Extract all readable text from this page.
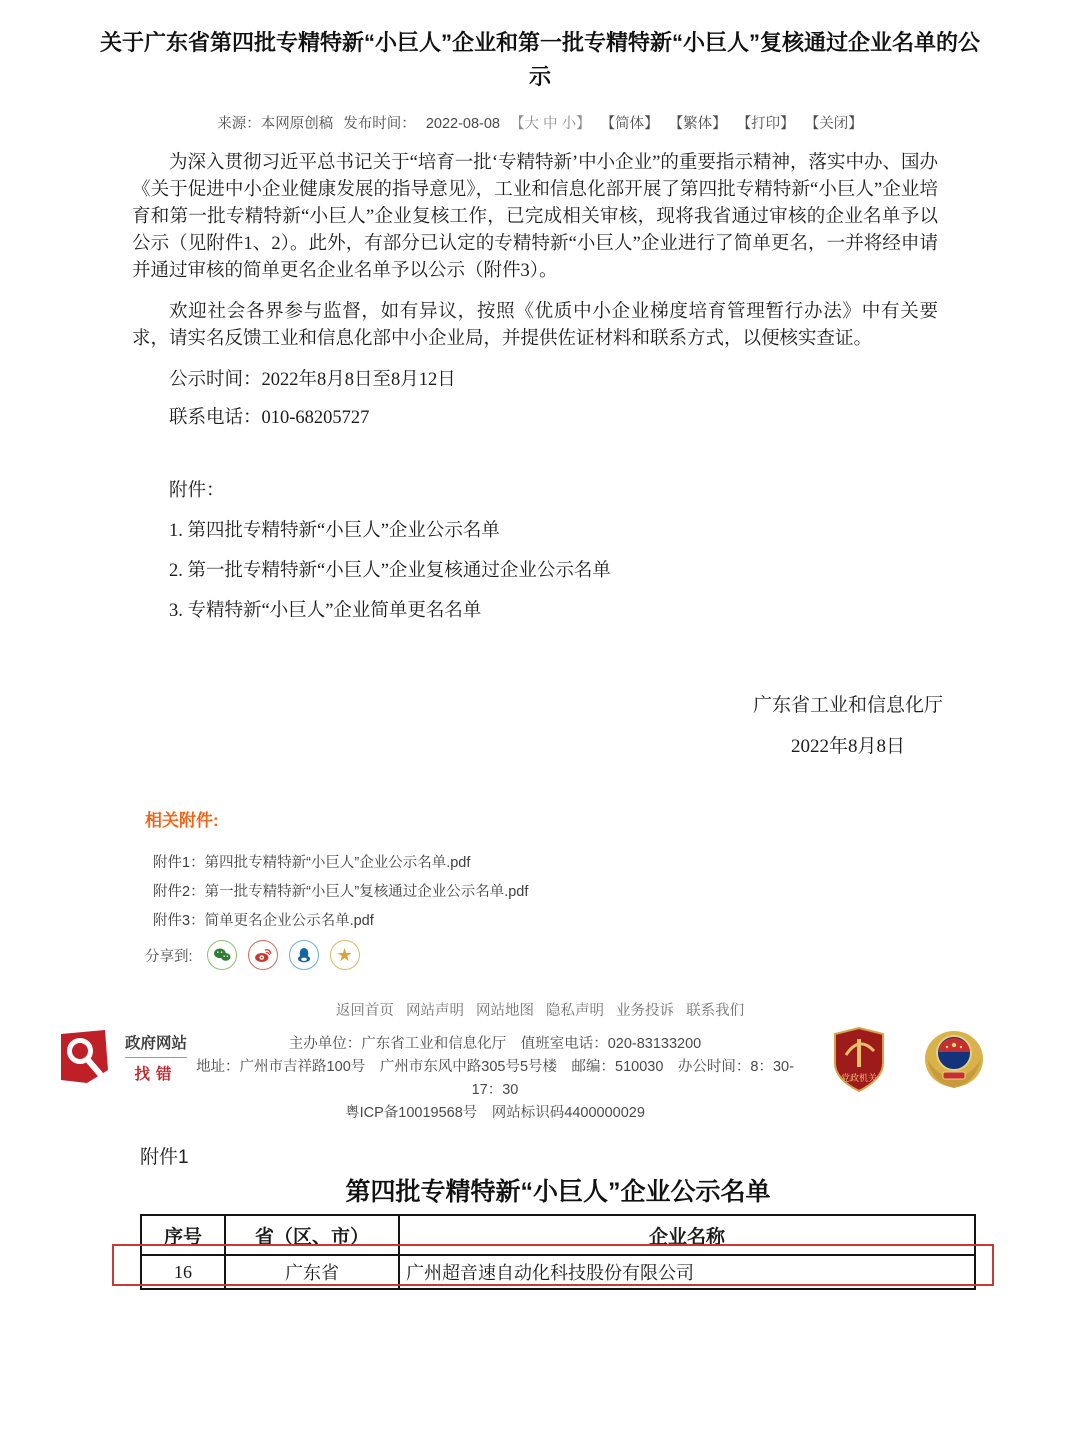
关于广东省第四批专精特新“小巨人”企业和第一批专精特新“小巨人”复核通过企业名单的公示
来源：本网原创稿 发布时间： 2022-08-08 【大 中 小】 【简体】 【繁体】 【打印】 【关闭】

为深入贯彻习近平总书记关于“培育一批‘专精特新’中小企业”的重要指示精神，落实中办、国办《关于促进中小企业健康发展的指导意见》，工业和信息化部开展了第四批专精特新“小巨人”企业培育和第一批专精特新“小巨人”企业复核工作，已完成相关审核，现将我省通过审核的企业名单予以公示（见附件1、2）。此外，有部分已认定的专精特新“小巨人”企业进行了简单更名，一并将经申请并通过审核的简单更名企业名单予以公示（附件3）。

欢迎社会各界参与监督，如有异议，按照《优质中小企业梯度培育管理暂行办法》中有关要求，请实名反馈工业和信息化部中小企业局，并提供佐证材料和联系方式，以便核实查证。

公示时间：2022年8月8日至8月12日

联系电话：010-68205727

附件：

1. 第四批专精特新“小巨人”企业公示名单

2. 第一批专精特新“小巨人”企业复核通过企业公示名单

3. 专精特新“小巨人”企业简单更名名单

广东省工业和信息化厅
2022年8月8日
相关附件:
附件1：第四批专精特新“小巨人”企业公示名单.pdf
附件2：第一批专精特新“小巨人”复核通过企业公示名单.pdf
附件3：简单更名企业公示名单.pdf
分享到:	★
返回首页 网站声明 网站地图 隐私声明 业务投诉 联系我们
政府网站
找错
主办单位：广东省工业和信息化厅　值班室电话：020-83133200
地址：广州市吉祥路100号　广州市东风中路305号5号楼　邮编：510030　办公时间：8：30-17：30
粤ICP备10019568号　网站标识码4400000029
党政机关
附件1
第四批专精特新“小巨人”企业公示名单
序号	省（区、市）	企业名称
16	广东省	广州超音速自动化科技股份有限公司
